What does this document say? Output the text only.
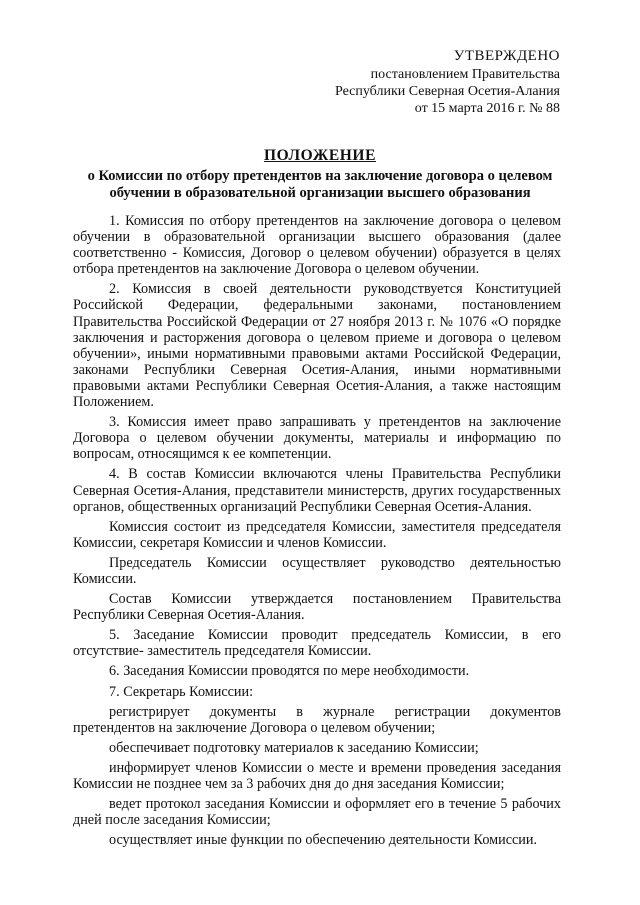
УТВЕРЖДЕНО
постановлением Правительства
Республики Северная Осетия-Алания
от 15 марта 2016 г. № 88
ПОЛОЖЕНИЕ
о Комиссии по отбору претендентов на заключение договора о целевом обучении в образовательной организации высшего образования

1. Комиссия по отбору претендентов на заключение договора о целевом обучении в образовательной организации высшего образования (далее соответственно - Комиссия, Договор о целевом обучении) образуется в целях отбора претендентов на заключение Договора о целевом обучении.

2. Комиссия в своей деятельности руководствуется Конституцией Российской Федерации, федеральными законами, постановлением Правительства Российской Федерации от 27 ноября 2013 г. № 1076 «О порядке заключения и расторжения договора о целевом приеме и договора о целевом обучении», иными нормативными правовыми актами Российской Федерации, законами Республики Северная Осетия-Алания, иными нормативными правовыми актами Республики Северная Осетия-Алания, а также настоящим Положением.

3. Комиссия имеет право запрашивать у претендентов на заключение Договора о целевом обучении документы, материалы и информацию по вопросам, относящимся к ее компетенции.

4. В состав Комиссии включаются члены Правительства Республики Северная Осетия-Алания, представители министерств, других государственных органов, общественных организаций Республики Северная Осетия-Алания.

Комиссия состоит из председателя Комиссии, заместителя председателя Комиссии, секретаря Комиссии и членов Комиссии.

Председатель Комиссии осуществляет руководство деятельностью Комиссии.

Состав Комиссии утверждается постановлением Правительства Республики Северная Осетия-Алания.

5. Заседание Комиссии проводит председатель Комиссии, в его отсутствие- заместитель председателя Комиссии.

6. Заседания Комиссии проводятся по мере необходимости.

7. Секретарь Комиссии:

регистрирует документы в журнале регистрации документов претендентов на заключение Договора о целевом обучении;

обеспечивает подготовку материалов к заседанию Комиссии;

информирует членов Комиссии о месте и времени проведения заседания Комиссии не позднее чем за 3 рабочих дня до дня заседания Комиссии;

ведет протокол заседания Комиссии и оформляет его в течение 5 рабочих дней после заседания Комиссии;

осуществляет иные функции по обеспечению деятельности Комиссии.
